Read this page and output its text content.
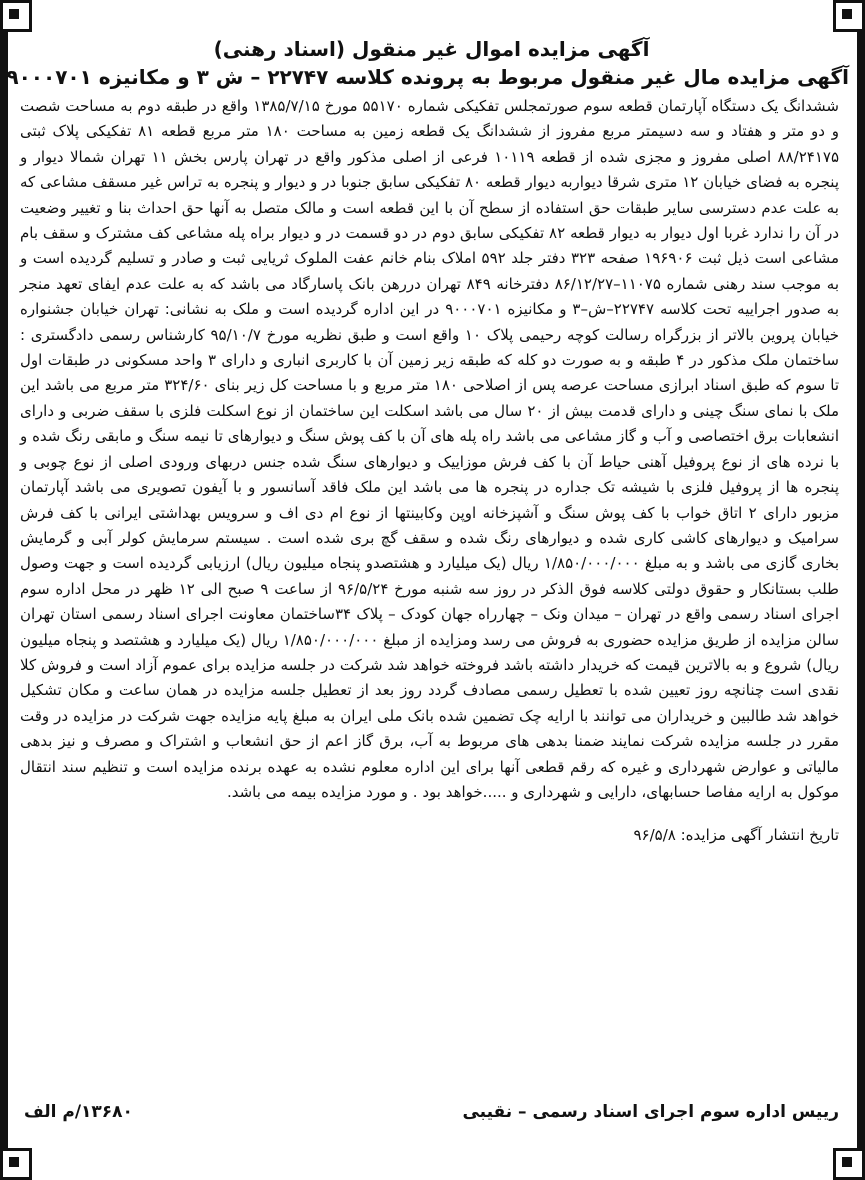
آگهی مزایده اموال غیر منقول (اسناد رهنی)
آگهی مزایده مال غیر منقول مربوط به پرونده کلاسه ۲۲۷۴۷ – ش ۳ و مکانیزه ۹۰۰۰۷۰۱
ششدانگ یک دستگاه آپارتمان قطعه سوم صورتمجلس تفکیکی شماره ۵۵۱۷۰ مورخ ۱۳۸۵/۷/۱۵ واقع در طبقه دوم به مساحت شصت و دو متر و هفتاد و سه دسیمتر مربع مفروز از ششدانگ یک قطعه زمین به مساحت ۱۸۰ متر مربع قطعه ۸۱ تفکیکی پلاک ثبتی ۸۸/۲۴۱۷۵ اصلی مفروز و مجزی شده از قطعه ۱۰۱۱۹ فرعی از اصلی مذکور واقع در تهران پارس بخش ۱۱ تهران شمالا دیوار و پنجره به فضای خیابان ۱۲ متری شرقا دیواربه دیوار قطعه ۸۰ تفکیکی سابق جنوبا در و دیوار و پنجره به تراس غیر مسقف مشاعی که به علت عدم دسترسی سایر طبقات حق استفاده از سطح آن با این قطعه است و مالک متصل به آنها حق احداث بنا و تغییر وضعیت در آن را ندارد غربا اول دیوار به دیوار قطعه ۸۲ تفکیکی سابق دوم در دو قسمت در و دیوار براه پله مشاعی کف مشترک و سقف بام مشاعی است ذیل ثبت ۱۹۶۹۰۶ صفحه ۳۲۳ دفتر جلد ۵۹۲ املاک بنام خانم عفت الملوک ثریایی ثبت و صادر و تسلیم گردیده است و به موجب سند رهنی شماره ۱۱۰۷۵–۸۶/۱۲/۲۷ دفترخانه ۸۴۹ تهران دررهن بانک پاسارگاد می باشد که به علت عدم ایفای تعهد منجر به صدور اجراییه تحت کلاسه ۲۲۷۴۷–ش–۳ و مکانیزه ۹۰۰۰۷۰۱ در این اداره گردیده است و ملک به نشانی: تهران خیابان جشنواره خیابان پروین بالاتر از بزرگراه رسالت کوچه رحیمی پلاک ۱۰ واقع است و طبق نظریه مورخ ۹۵/۱۰/۷ کارشناس رسمی دادگستری : ساختمان ملک مذکور در ۴ طبقه و به صورت دو کله که طبقه زیر زمین آن با کاربری انباری و دارای ۳ واحد مسکونی در طبقات اول تا سوم که طبق اسناد ابرازی مساحت عرصه پس از اصلاحی ۱۸۰ متر مربع و با مساحت کل زیر بنای ۳۲۴/۶۰ متر مربع می باشد این ملک با نمای سنگ چینی و دارای قدمت بیش از ۲۰ سال می باشد اسکلت این ساختمان از نوع اسکلت فلزی با سقف ضربی و دارای انشعابات برق اختصاصی و آب و گاز مشاعی می باشد راه پله های آن با کف پوش سنگ و دیوارهای تا نیمه سنگ و مابقی رنگ شده و با نرده های از نوع پروفیل آهنی حیاط آن با کف فرش موزاییک و دیوارهای سنگ شده جنس دربهای ورودی اصلی از نوع چوبی و پنجره ها از پروفیل فلزی با شیشه تک جداره در پنجره ها می باشد این ملک فاقد آسانسور و با آیفون تصویری می باشد آپارتمان مزبور دارای ۲ اتاق خواب با کف پوش سنگ و آشپزخانه اوپن وکابینتها از نوع ام دی اف و سرویس بهداشتی ایرانی با کف فرش سرامیک و دیوارهای کاشی کاری شده و دیوارهای رنگ شده و سقف گچ بری شده است . سیستم سرمایش کولر آبی و گرمایش بخاری گازی می باشد و به مبلغ ۱/۸۵۰/۰۰۰/۰۰۰ ریال (یک میلیارد و هشتصدو پنجاه میلیون ریال) ارزیابی گردیده است و جهت وصول طلب بستانکار و حقوق دولتی کلاسه فوق الذکر در روز سه شنبه مورخ ۹۶/۵/۲۴ از ساعت ۹ صبح الی ۱۲ ظهر در محل اداره سوم اجرای اسناد رسمی واقع در تهران – میدان ونک – چهارراه جهان کودک – پلاک ۳۴ساختمان معاونت اجرای اسناد رسمی استان تهران سالن مزایده از طریق مزایده حضوری به فروش می رسد ومزایده از مبلغ ۱/۸۵۰/۰۰۰/۰۰۰ ریال (یک میلیارد و هشتصد و پنجاه میلیون ریال) شروع و به بالاترین قیمت که خریدار داشته باشد فروخته خواهد شد شرکت در جلسه مزایده برای عموم آزاد است و فروش کلا نقدی است چنانچه روز تعیین شده با تعطیل رسمی مصادف گردد روز بعد از تعطیل جلسه مزایده در همان ساعت و مکان تشکیل خواهد شد طالبین و خریداران می توانند با ارایه چک تضمین شده بانک ملی ایران به مبلغ پایه مزایده جهت شرکت در مزایده در وقت مقرر در جلسه مزایده شرکت نمایند ضمنا بدهی های مربوط به آب، برق گاز اعم از حق انشعاب و اشتراک و مصرف و نیز بدهی مالیاتی و عوارض شهرداری و غیره که رقم قطعی آنها برای این اداره معلوم نشده به عهده برنده مزایده است و تنظیم سند انتقال موکول به ارایه مفاصا حسابهای، دارایی و شهرداری و .....خواهد بود . و مورد مزایده بیمه می باشد.
تاریخ انتشار آگهی مزایده: ۹۶/۵/۸
رییس اداره سوم اجرای اسناد رسمی – نقیبی
۱۳۶۸۰/م الف
